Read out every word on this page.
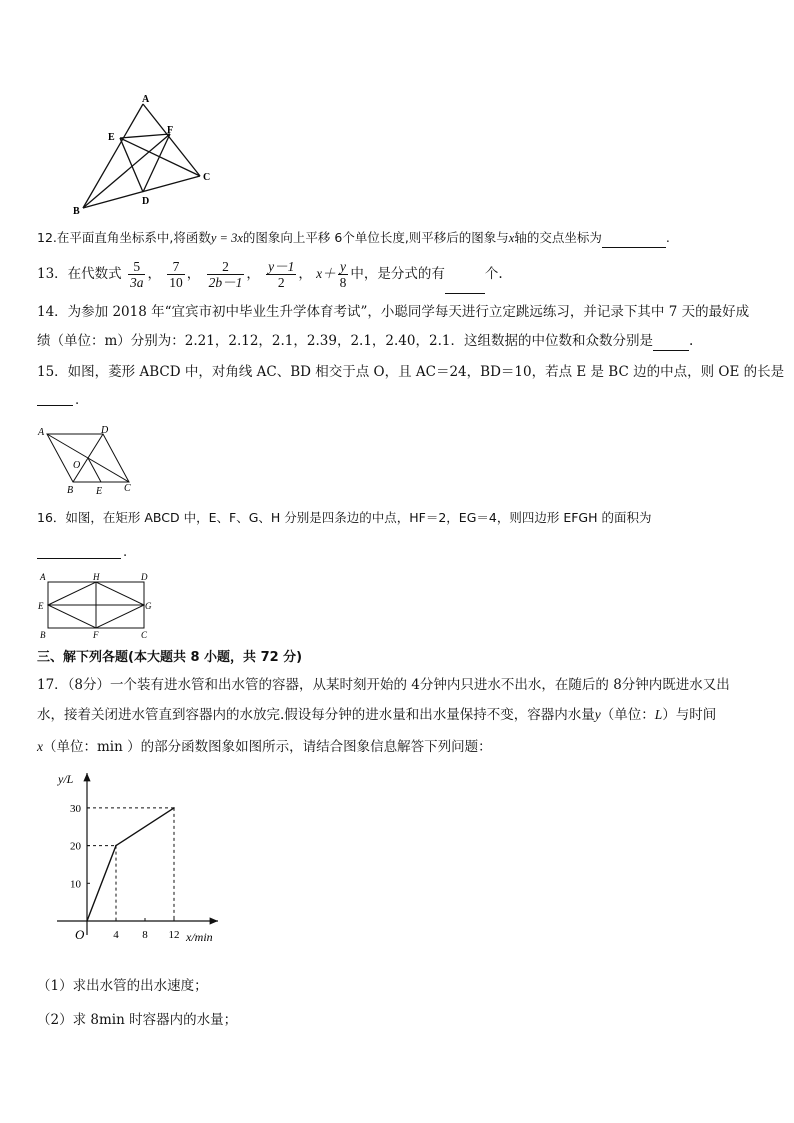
A
B
C
D
E
F
12.在平面直角坐标系中,将函数y = 3x的图象向上平移 6个单位长度,则平移后的图象与x轴的交点坐标为	.
13．在代数式 $\frac{5}{3a}$ ， $\frac{7}{10}$ ， $\frac{2}{2b-1}$ ， $\frac{y-1}{2}$ ， $x+ \frac{y}{8}$ 中，是分式的有	个.
14．为参加 2018 年“宜宾市初中毕业生升学体育考试”，小聪同学每天进行立定跳远练习，并记录下其中 7 天的最好成
绩（单位：m）分别为：2.21，2.12，2.1，2.39，2.1，2.40，2.1．这组数据的中位数和众数分别是	.
15．如图，菱形 ABCD 中，对角线 AC、BD 相交于点 O，且 AC＝24，BD＝10，若点 E 是 BC 边的中点，则 OE 的长是
.
A	D
O
B E C
16．如图，在矩形 ABCD 中，E、F、G、H 分别是四条边的中点，HF＝2，EG＝4，则四边形 EFGH 的面积为
.
A	H	D
E	G
B	F	C
三、解下列各题(本大题共 8 小题，共 72 分)
17．（8分）一个装有进水管和出水管的容器，从某时刻开始的 4分钟内只进水不出水，在随后的 8分钟内既进水又出
水，接着关闭进水管直到容器内的水放完.假设每分钟的进水量和出水量保持不变，容器内水量y（单位：L）与时间
x（单位：min ）的部分函数图象如图所示，请结合图象信息解答下列问题：
y/L
x/min
O	4 8 12
10
20
30
（1）求出水管的出水速度；
（2）求 8min 时容器内的水量；
